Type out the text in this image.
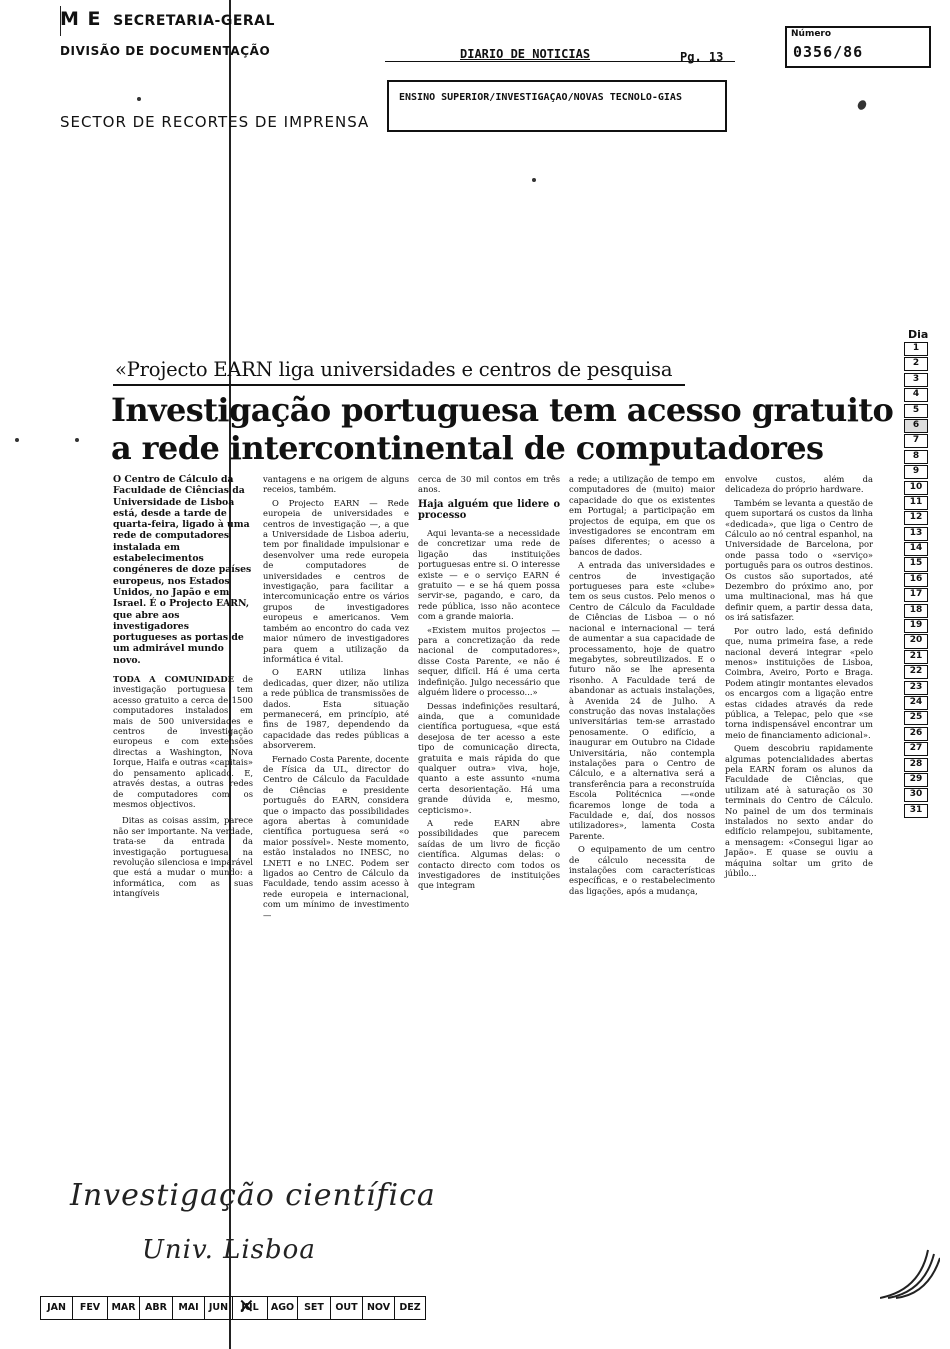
M E SECRETARIA-GERAL
DIVISÃO DE DOCUMENTAÇÃO
SECTOR DE RECORTES DE IMPRENSA
DIARIO DE NOTICIAS	Pg. 13
Número
0356/86
ENSINO SUPERIOR/INVESTIGAÇAO/NOVAS TECNOLO-GIAS
Dia
1
2
3
4
5
6
7
8
9
10
11
12
13
14
15
16
17
18
19
20
21
22
23
24
25
26
27
28
29
30
31
«Projecto EARN liga universidades e centros de pesquisa
Investigação portuguesa tem acesso gratuito
a rede intercontinental de computadores

O Centro de Cálculo da Faculdade de Ciências da Universidade de Lisboa está, desde a tarde de quarta-feira, ligado à uma rede de computadores instalada em estabelecimentos congéneres de doze países europeus, nos Estados Unidos, no Japão e em Israel. É o Projecto EARN, que abre aos investigadores portugueses as portas de um admirável mundo novo.

TODA A COMUNIDADE de investigação portuguesa tem acesso gratuito a cerca de 1500 computadores instalados em mais de 500 universidades e centros de investigação europeus e com extensões directas a Washington, Nova Iorque, Haifa e outras «capitais» do pensamento aplicado. E, através destas, a outras redes de computadores com os mesmos objectivos.

Ditas as coisas assim, parece não ser importante. Na verdade, trata-se da entrada da investigação portuguesa na revolução silenciosa e imparável que está a mudar o mundo: a informática, com as suas intangíveis

vantagens e na origem de alguns receios, também.

O Projecto EARN — Rede europeia de universidades e centros de investigação —, a que a Universidade de Lisboa aderiu, tem por finalidade impulsionar e desenvolver uma rede europeia de computadores de universidades e centros de investigação, para facilitar a intercomunicação entre os vários grupos de investigadores europeus e americanos. Vem também ao encontro do cada vez maior número de investigadores para quem a utilização da informática é vital.

O EARN utiliza linhas dedicadas, quer dizer, não utiliza a rede pública de transmissões de dados. Esta situação permanecerá, em princípio, até fins de 1987, dependendo da capacidade das redes públicas a absorverem.

Fernado Costa Parente, docente de Física da UL, director do Centro de Cálculo da Faculdade de Ciências e presidente português do EARN, considera que o impacto das possibilidades agora abertas à comunidade científica portuguesa será «o maior possível». Neste momento, estão instalados no INESC, no LNETI e no LNEC. Podem ser ligados ao Centro de Cálculo da Faculdade, tendo assim acesso à rede europeia e internacional, com um mínimo de investimento —

cerca de 30 mil contos em três anos.

Haja alguém que lidere o processo

Aqui levanta-se a necessidade de concretizar uma rede de ligação das instituições portuguesas entre si. O interesse existe — e o serviço EARN é gratuito — e se há quem possa servir-se, pagando, e caro, da rede pública, isso não acontece com a grande maioria.

«Existem muitos projectos — para a concretização da rede nacional de computadores», disse Costa Parente, «e não é sequer, difícil. Há é uma certa indefinição. Julgo necessário que alguém lidere o processo...»

Dessas indefinições resultará, ainda, que a comunidade científica portuguesa, «que está desejosa de ter acesso a este tipo de comunicação directa, gratuita e mais rápida do que qualquer outra» viva, hoje, quanto a este assunto «numa certa desorientação. Há uma grande dúvida e, mesmo, cepticismo».

A rede EARN abre possibilidades que parecem saídas de um livro de ficção científica. Algumas delas: o contacto directo com todos os investigadores de instituições que integram

a rede; a utilização de tempo em computadores de (muito) maior capacidade do que os existentes em Portugal; a participação em projectos de equipa, em que os investigadores se encontram em países diferentes; o acesso a bancos de dados.

A entrada das universidades e centros de investigação portugueses para este «clube» tem os seus custos. Pelo menos o Centro de Cálculo da Faculdade de Ciências de Lisboa — o nó nacional e internacional — terá de aumentar a sua capacidade de processamento, hoje de quatro megabytes, sobreutilizados. E o futuro não se lhe apresenta risonho. A Faculdade terá de abandonar as actuais instalações, à Avenida 24 de Julho. A construção das novas instalações universitárias tem-se arrastado penosamente. O edifício, a inaugurar em Outubro na Cidade Universitária, não contempla instalações para o Centro de Cálculo, e a alternativa será a transferência para a reconstruída Escola Politécnica —«onde ficaremos longe de toda a Faculdade e, daí, dos nossos utilizadores», lamenta Costa Parente.

O equipamento de um centro de cálculo necessita de instalações com características específicas, e o restabelecimento das ligações, após a mudança,

envolve custos, além da delicadeza do próprio hardware.

Também se levanta a questão de quem suportará os custos da linha «dedicada», que liga o Centro de Cálculo ao nó central espanhol, na Universidade de Barcelona, por onde passa todo o «serviço» português para os outros destinos. Os custos são suportados, até Dezembro do próximo ano, por uma multinacional, mas há que definir quem, a partir dessa data, os irá satisfazer.

Por outro lado, está definido que, numa primeira fase, a rede nacional deverá integrar «pelo menos» instituições de Lisboa, Coimbra, Aveiro, Porto e Braga. Podem atingir montantes elevados os encargos com a ligação entre estas cidades através da rede pública, a Telepac, pelo que «se torna indispensável encontrar um meio de financiamento adicional».

Quem descobriu rapidamente algumas potencialidades abertas pela EARN foram os alunos da Faculdade de Ciências, que utilizam até à saturação os 30 terminais do Centro de Cálculo. No painel de um dos terminais instalados no sexto andar do edifício relampejou, subitamente, a mensagem: «Consegui ligar ao Japão». E quase se ouviu a máquina soltar um grito de júbilo...

Investigação científica
Univ. Lisboa
JAN	FEV	MAR ABR	MAI	JUN	JUL ✕	AGO	SET	OUT NOV DEZ
